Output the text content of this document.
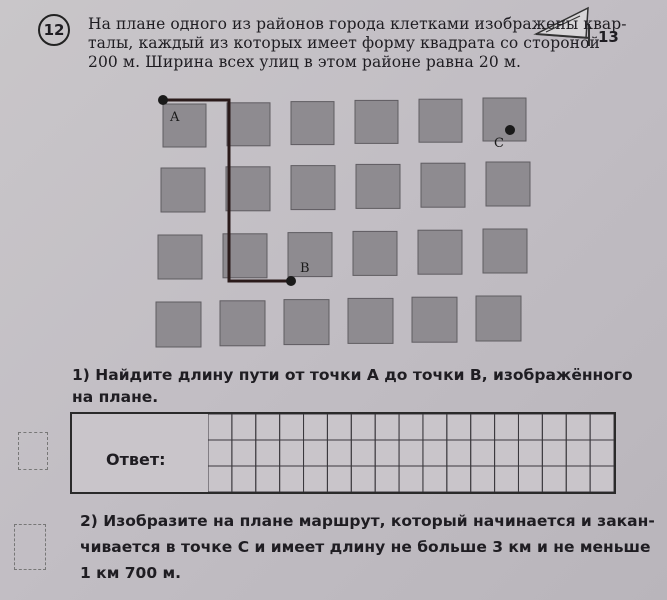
12	13
На плане одного из районов города клетками изображены квар-
талы, каждый из которых имеет форму квадрата со стороной
200 м. Ширина всех улиц в этом районе равна 20 м.
A
B
C
1) Найдите длину пути от точки А до точки В, изображённого
на плане.
Ответ:
2) Изобразите на плане маршрут, который начинается и закан-
чивается в точке С и имеет длину не больше 3 км и не меньше
1 км 700 м.
